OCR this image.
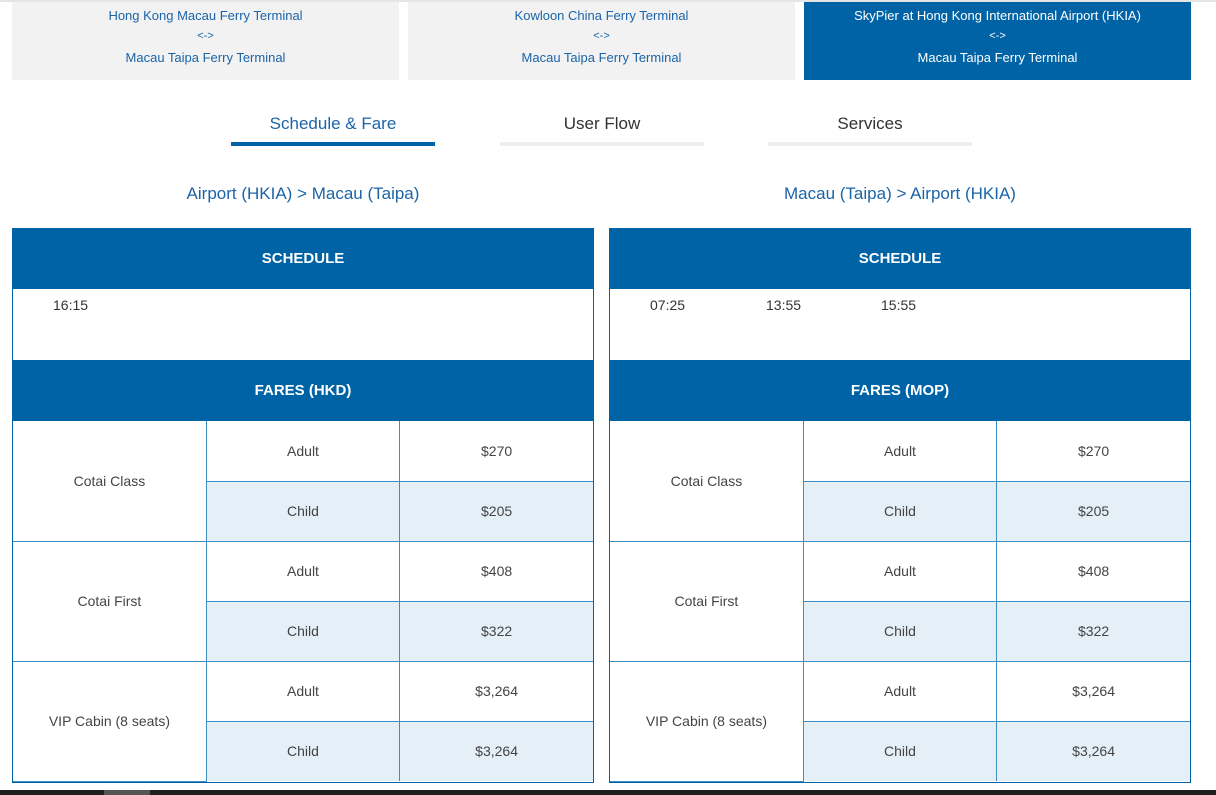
Hong Kong Macau Ferry Terminal
<->
Macau Taipa Ferry Terminal
Kowloon China Ferry Terminal
<->
Macau Taipa Ferry Terminal
SkyPier at Hong Kong International Airport (HKIA)
<->
Macau Taipa Ferry Terminal
Schedule & Fare	User Flow	Services
Airport (HKIA) > Macau (Taipa)	Macau (Taipa) > Airport (HKIA)
SCHEDULE
16:15
FARES (HKD)
Cotai Class	Adult	$270
	Child	$205
Cotai First	Adult	$408
	Child	$322
VIP Cabin (8 seats)	Adult	$3,264
	Child	$3,264
SCHEDULE
07:25	13:55	15:55
FARES (MOP)
Cotai Class	Adult	$270
	Child	$205
Cotai First	Adult	$408
	Child	$322
VIP Cabin (8 seats)	Adult	$3,264
	Child	$3,264
